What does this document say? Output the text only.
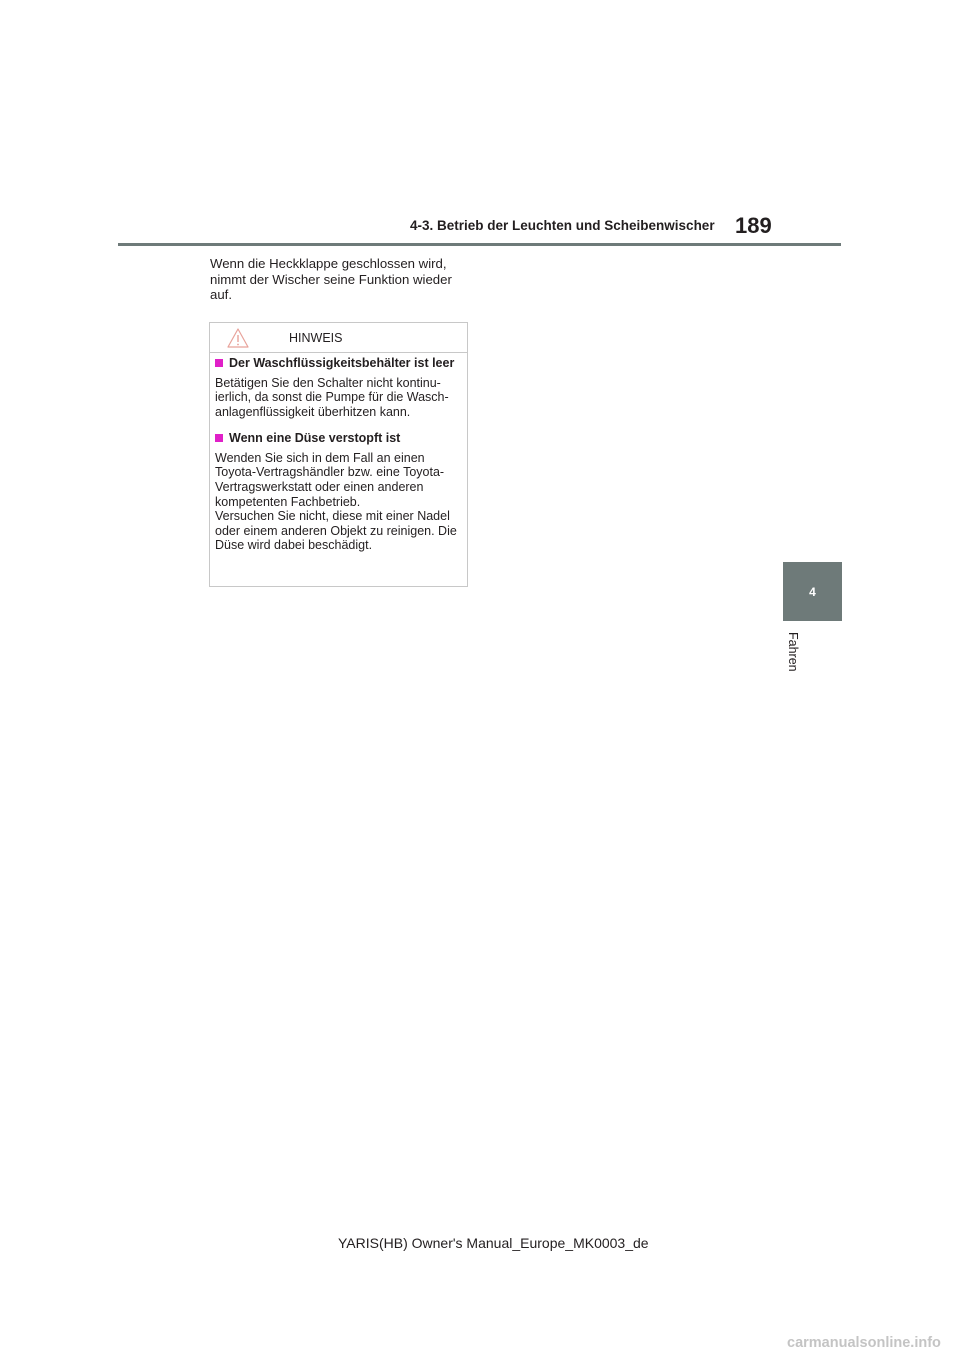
4-3. Betrieb der Leuchten und Scheibenwischer 189

Wenn die Heckklappe geschlossen wird, nimmt der Wischer seine Funktion wieder auf.

HINWEIS

Der Waschflüssigkeitsbehälter ist leer

Betätigen Sie den Schalter nicht kontinu-ierlich, da sonst die Pumpe für die Wasch-anlagenflüssigkeit überhitzen kann.

Wenn eine Düse verstopft ist

Wenden Sie sich in dem Fall an einen Toyota-Vertragshändler bzw. eine Toyota-Vertragswerkstatt oder einen anderen kompetenten Fachbetrieb.

Versuchen Sie nicht, diese mit einer Nadel oder einem anderen Objekt zu reinigen. Die Düse wird dabei beschädigt.

4
Fahren
YARIS(HB) Owner's Manual_Europe_MK0003_de
carmanualsonline.info
